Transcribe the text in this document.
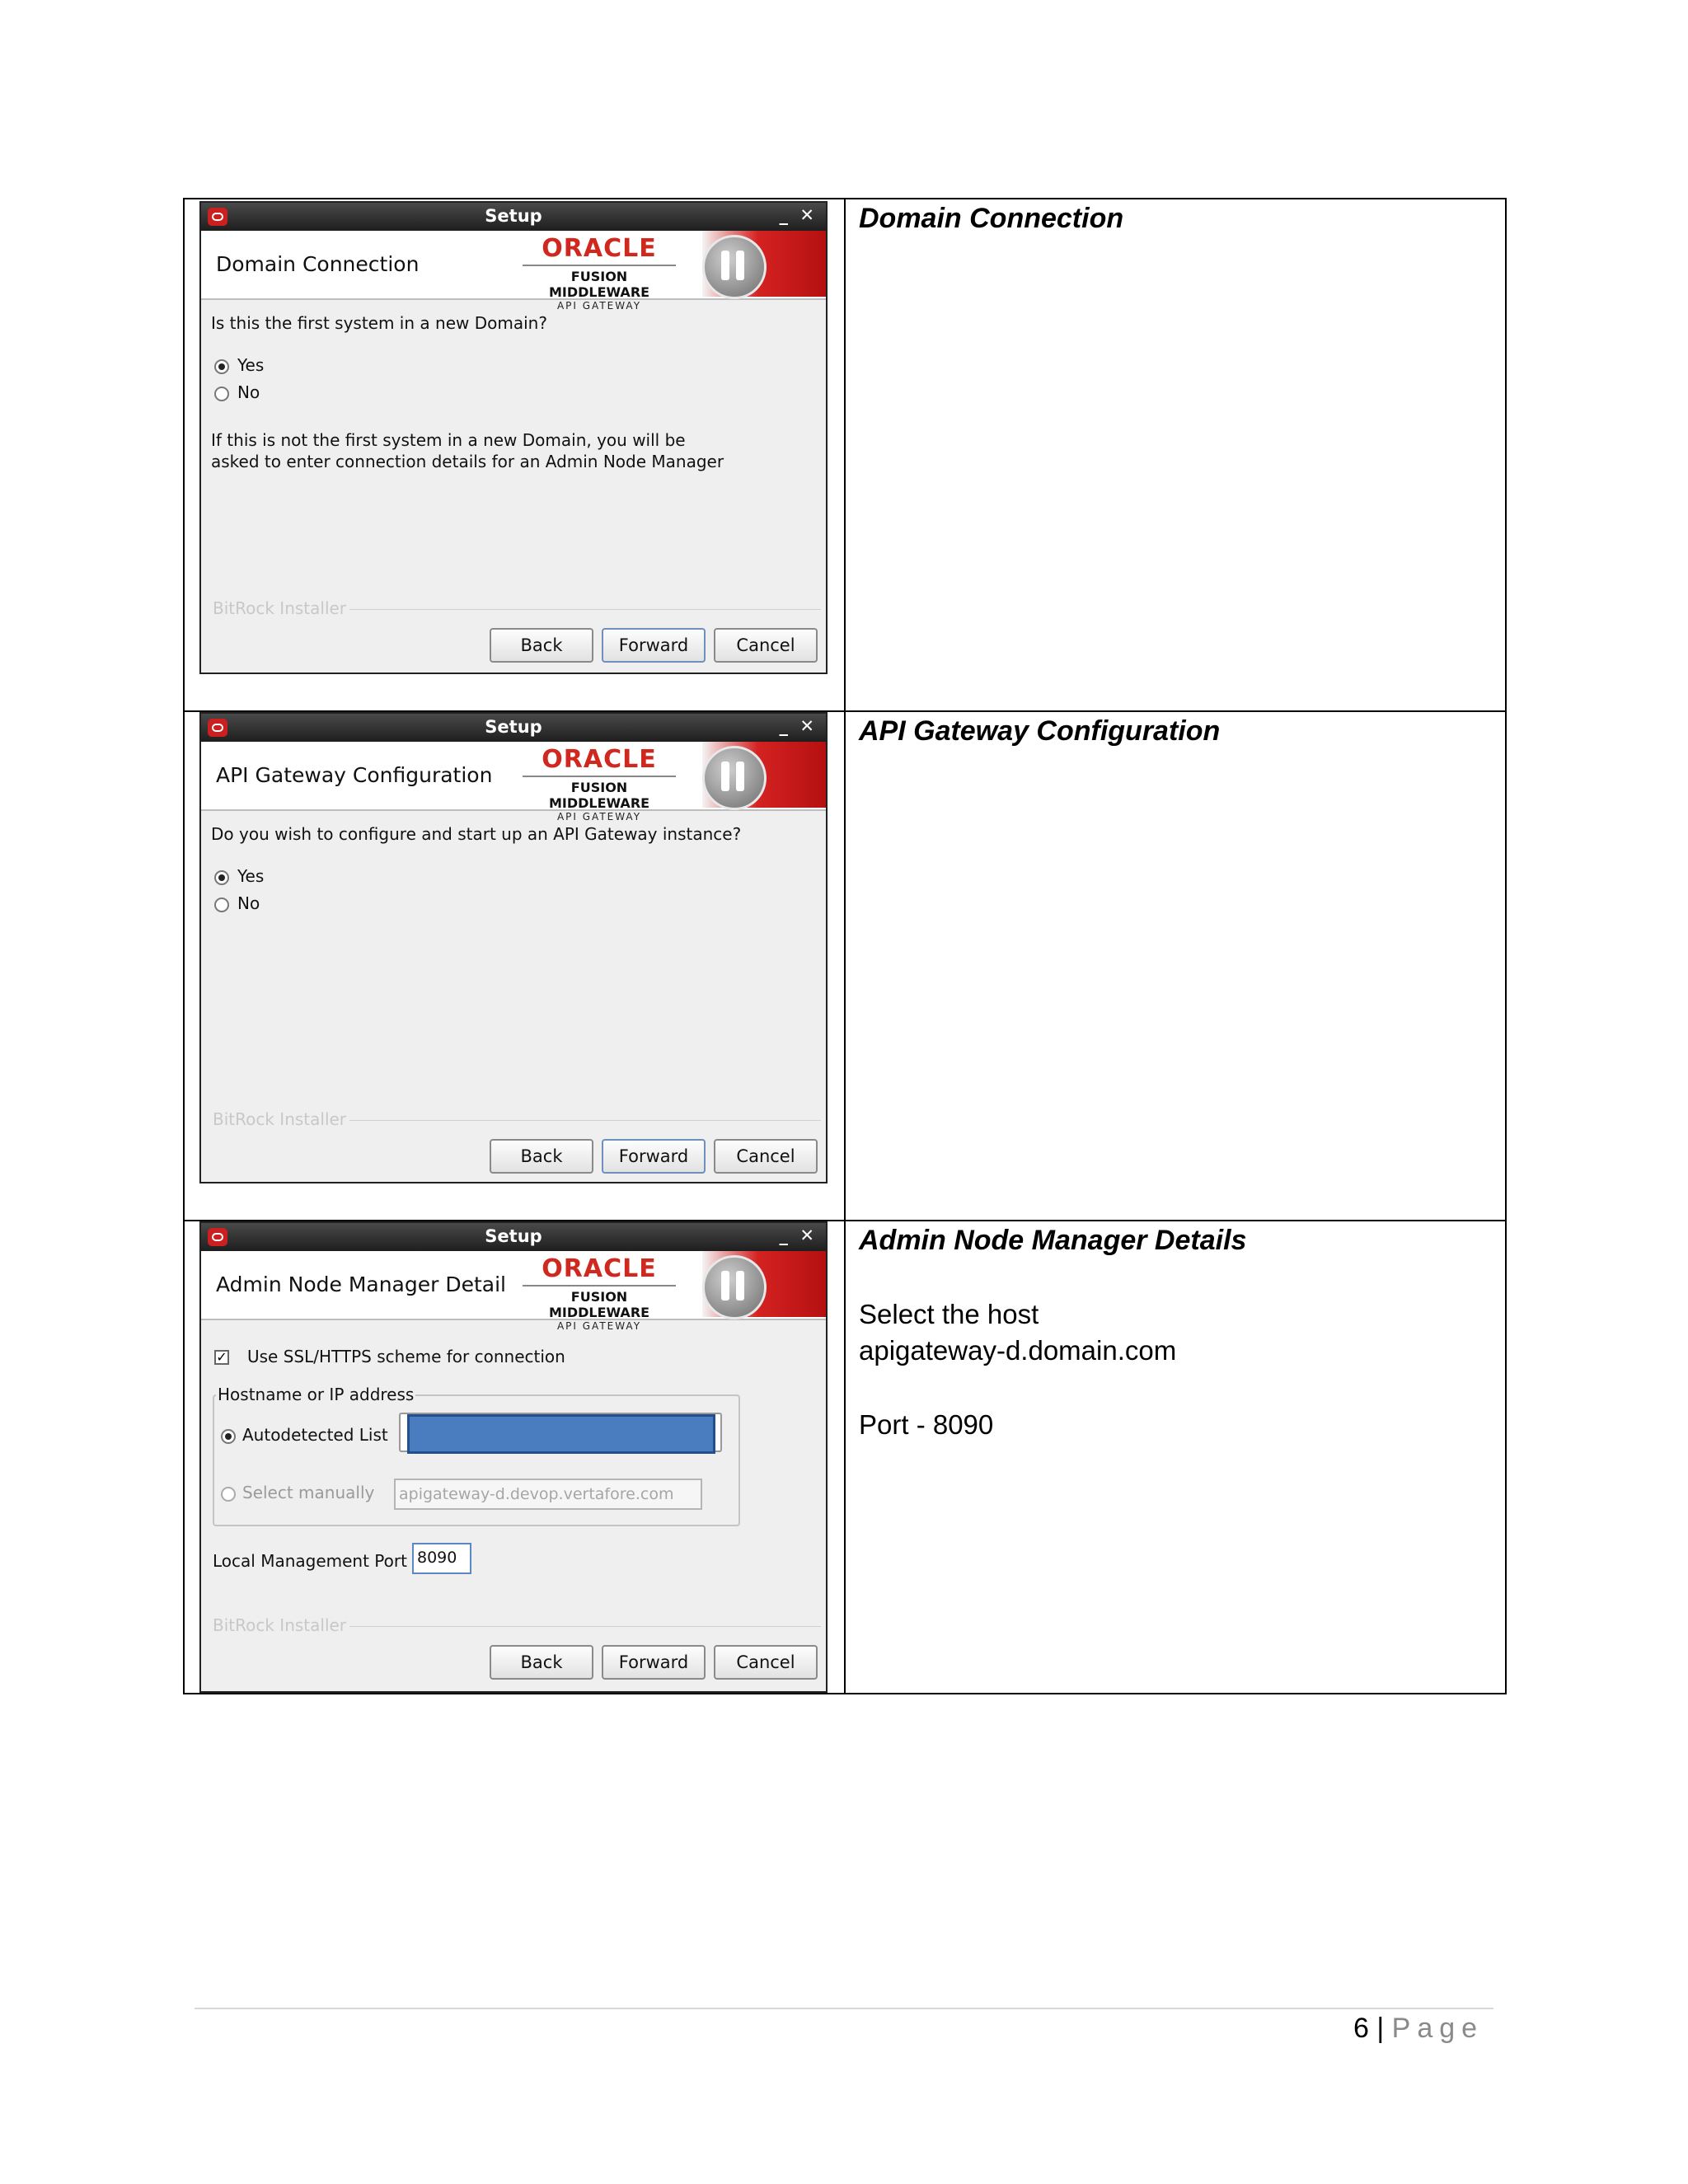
Domain Connection
API Gateway Configuration
Admin Node Manager Details
Select the host
apigateway-d.domain.com
Port - 8090
Setup	_ ✕
Domain Connection
ORACLE
FUSION MIDDLEWARE
API GATEWAY
Is this the first system in a new Domain?
Yes
No
If this is not the first system in a new Domain, you will be
asked to enter connection details for an Admin Node Manager
BitRock Installer
Back	Forward	Cancel
Setup	_ ✕
API Gateway Configuration
ORACLE
FUSION MIDDLEWARE
API GATEWAY
Do you wish to configure and start up an API Gateway instance?
Yes
No
BitRock Installer
Back	Forward	Cancel
Setup	_ ✕
Admin Node Manager Detail
ORACLE
FUSION MIDDLEWARE
API GATEWAY
✓ Use SSL/HTTPS scheme for connection
Hostname or IP address
Autodetected List
Select manually	apigateway-d.devop.vertafore.com
Local Management Port 8090
BitRock Installer
Back	Forward	Cancel
6 | Page
